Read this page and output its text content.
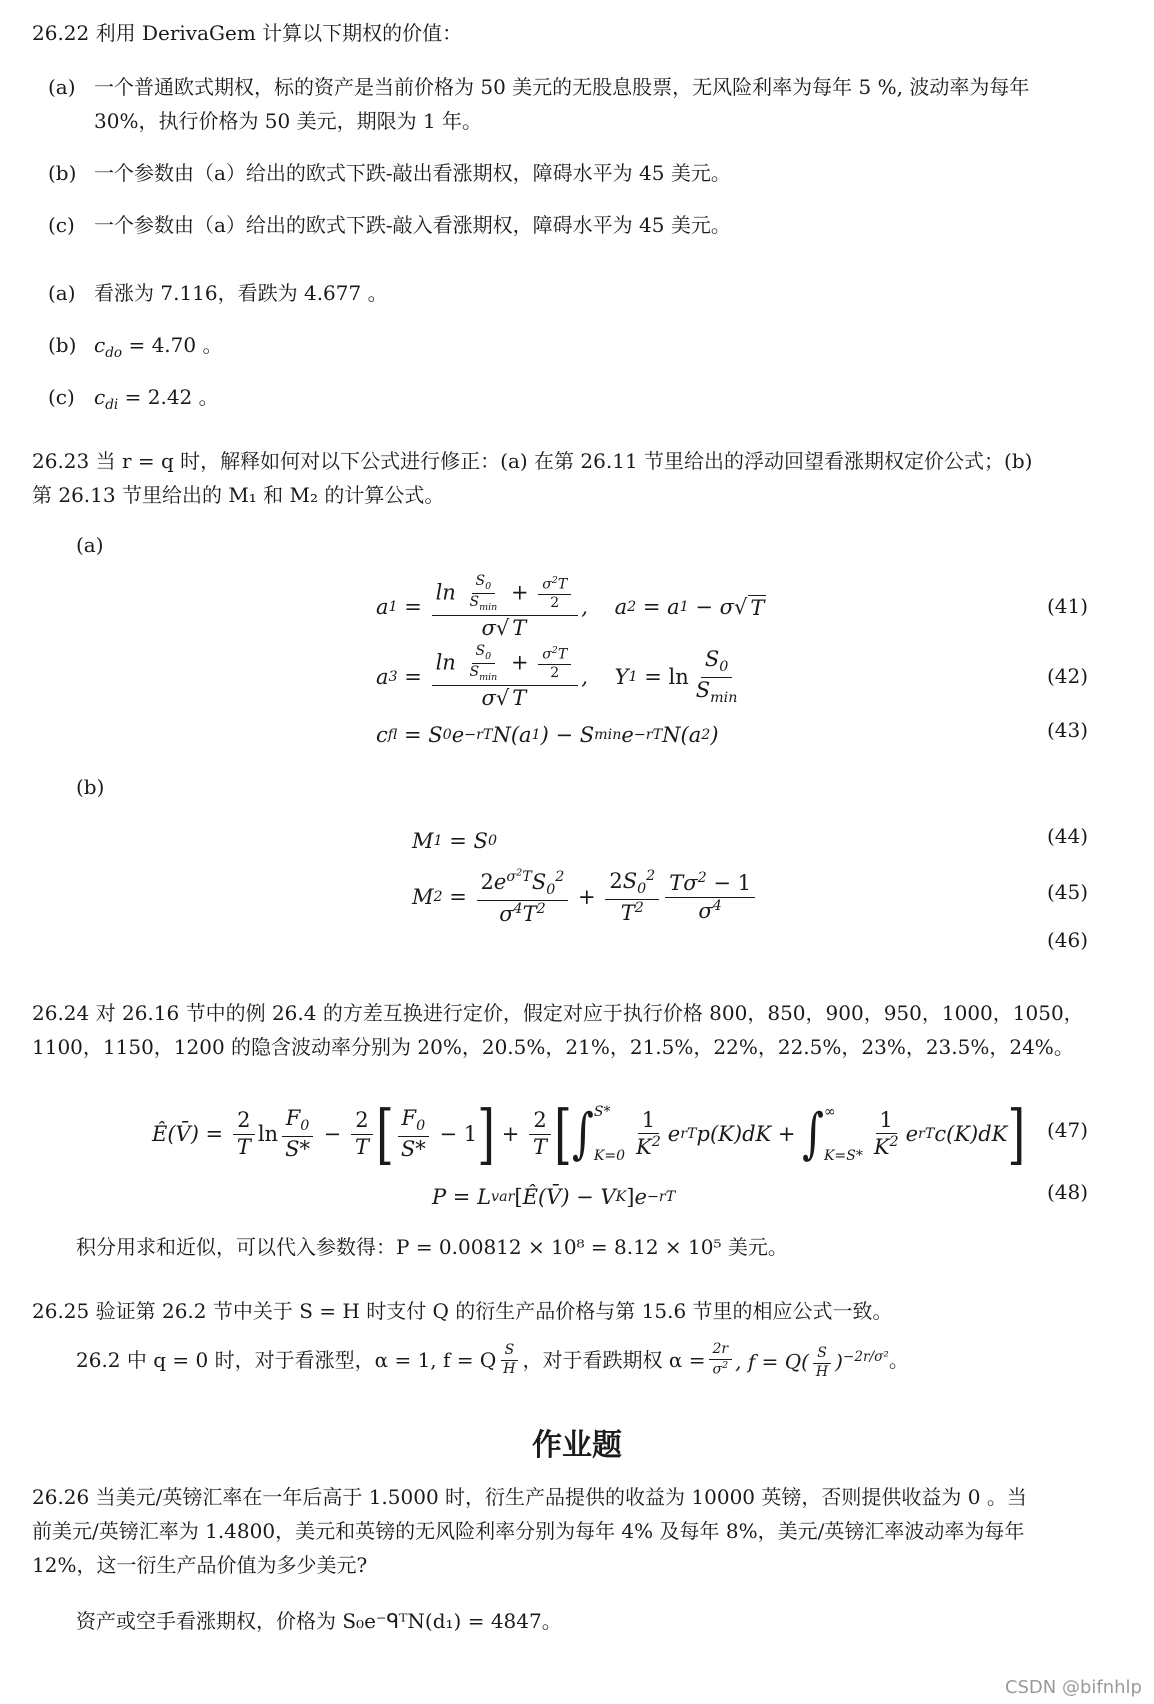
26.22 利用 DerivaGem 计算以下期权的价值：

(a) 一个普通欧式期权，标的资产是当前价格为 50 美元的无股息股票，无风险利率为每年 5 %, 波动率为每年
30%，执行价格为 50 美元，期限为 1 年。
(b) 一个参数由（a）给出的欧式下跌-敲出看涨期权，障碍水平为 45 美元。
(c) 一个参数由（a）给出的欧式下跌-敲入看涨期权，障碍水平为 45 美元。
(a) 看涨为 7.116，看跌为 4.677 。
(b) $c_{do} = 4.70$ 。
(c) $c_{di} = 2.42$ 。

26.23 当 r = q 时，解释如何对以下公式进行修正：(a) 在第 26.11 节里给出的浮动回望看涨期权定价公式；(b)

第 26.13 节里给出的 M₁ 和 M₂ 的计算公式。

(a)
a $1 = \frac{\ln \frac{S_0}{S_{min}} + \frac{\sigma^2T}{2}}{\sigma√ T}$ ,    a 2 = a 1 − σ √ T	(41)
a $3 = \frac{\ln \frac{S_0}{S_{min}} + \frac{\sigma^2T}{2}}{\sigma√ T}$ ,    Y $1 = \ln \frac{S_0}{S_{min}}$	(42)
c fl = S 0 e −rT N(a 1 ) − S min e −rT N(a 2 )	(43)
(b)
M 1 = S 0	(44)
M $2 = \frac{2e^{\sigma^2T}S_0^2}{\sigma^4T^2} + \frac{2S_0^2}{T^2} \frac{T\sigma^2 - 1}{\sigma^4}$	(45)
(46)

26.24 对 26.16 节中的例 26.4 的方差互换进行定价，假定对应于执行价格 800，850，900，950，1000，1050，

1100，1150，1200 的隐含波动率分别为 20%，20.5%，21%，21.5%，22%，22.5%，23%，23.5%，24%。

Ê(V̄) = $\frac{2}{T}$ $\ln \frac{F_0}{S*} - \frac{2}{T}$ [ $\frac{F_0}{S*} - 1$ ] + $\frac{2}{T}$ [ ∫ S*
$K=0 \frac{1}{K^2}$ e rT p(K)dK + ∫ ∞
$K=S* \frac{1}{K^2}$ e rT c(K)dK ] (47)
P = L var [ Ê(V̄) − V K ] e −rT	(48)

积分用求和近似，可以代入参数得：P = 0.00812 × 10⁸ = 8.12 × 10⁵ 美元。

26.25 验证第 26.2 节中关于 S = H 时支付 Q 的衍生产品价格与第 15.6 节里的相应公式一致。

26.2 中 q = 0 时，对于看涨型，α = 1, f = Q $\frac{S}{H}$ ，对于看跌期权 $\alpha = \frac{2r}{\sigma^2}$ , $f = Q( \frac{S}{H} )^{-2r/\sigma^2}$ 。
作业题

26.26 当美元/英镑汇率在一年后高于 1.5000 时，衍生产品提供的收益为 10000 英镑，否则提供收益为 0 。当

前美元/英镑汇率为 1.4800，美元和英镑的无风险利率分别为每年 4% 及每年 8%，美元/英镑汇率波动率为每年

12%，这一衍生产品价值为多少美元?

资产或空手看涨期权，价格为 S₀e⁻ᑫᵀN(d₁) = 4847。

CSDN @bifnhlp
